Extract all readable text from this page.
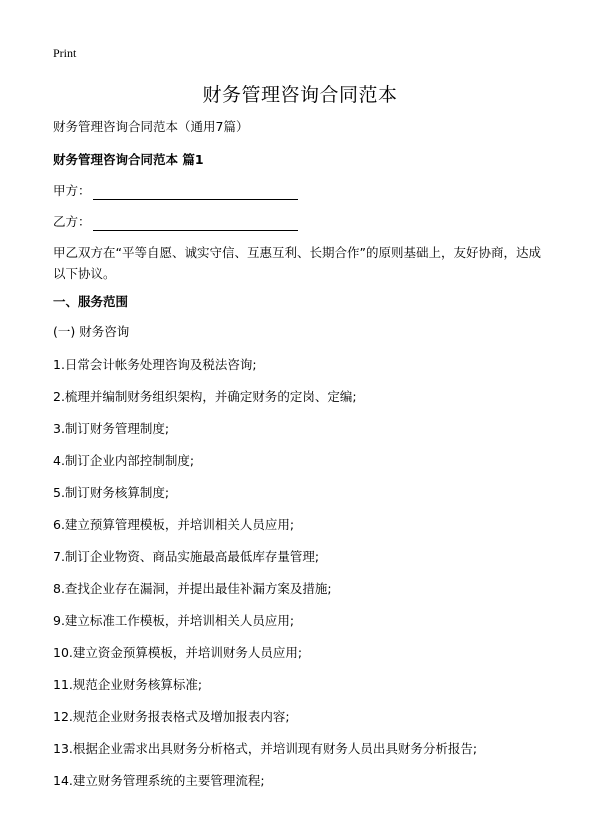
Print
财务管理咨询合同范本
财务管理咨询合同范本（通用7篇）
财务管理咨询合同范本 篇1
甲方：
乙方：
甲乙双方在“平等自愿、诚实守信、互惠互利、长期合作”的原则基础上，友好协商，达成以下协议。
一、服务范围
(一) 财务咨询
1.日常会计帐务处理咨询及税法咨询;
2.梳理并编制财务组织架构，并确定财务的定岗、定编;
3.制订财务管理制度;
4.制订企业内部控制制度;
5.制订财务核算制度;
6.建立预算管理模板，并培训相关人员应用;
7.制订企业物资、商品实施最高最低库存量管理;
8.查找企业存在漏洞，并提出最佳补漏方案及措施;
9.建立标准工作模板，并培训相关人员应用;
10.建立资金预算模板，并培训财务人员应用;
11.规范企业财务核算标准;
12.规范企业财务报表格式及增加报表内容;
13.根据企业需求出具财务分析格式，并培训现有财务人员出具财务分析报告;
14.建立财务管理系统的主要管理流程;
